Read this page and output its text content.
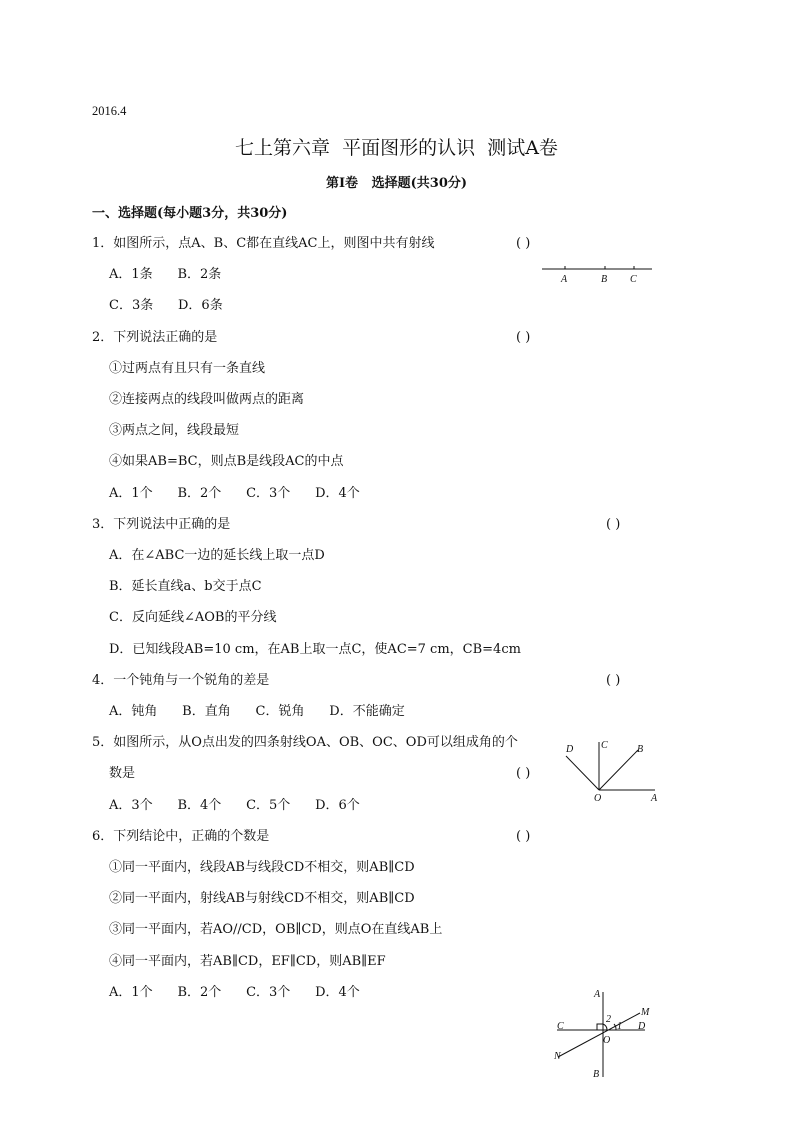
2016.4
七上第六章  平面图形的认识  测试A卷
第Ⅰ卷   选择题(共30分)
一、选择题(每小题3分，共30分)
1．如图所示，点A、B、C都在直线AC上，则图中共有射线	( )
A．1条      B．2条
C．3条      D．6条
2．下列说法正确的是	( )
①过两点有且只有一条直线
②连接两点的线段叫做两点的距离
③两点之间，线段最短
④如果AB=BC，则点B是线段AC的中点
A．1个      B．2个      C．3个      D．4个
3．下列说法中正确的是	( )
A．在∠ABC一边的延长线上取一点D
B．延长直线a、b交于点C
C．反向延线∠AOB的平分线
D．已知线段AB=10 cm，在AB上取一点C，使AC=7 cm，CB=4cm
4．一个钝角与一个锐角的差是	( )
A．钝角      B．直角      C．锐角      D．不能确定
5．如图所示，从O点出发的四条射线OA、OB、OC、OD可以组成角的个
数是	( )
A．3个      B．4个      C．5个      D．6个
6．下列结论中，正确的个数是	( )
①同一平面内，线段AB与线段CD不相交，则AB∥CD
②同一平面内，射线AB与射线CD不相交，则AB∥CD
③同一平面内，若AO//CD，OB∥CD，则点O在直线AB上
④同一平面内，若AB∥CD，EF∥CD，则AB∥EF
A．1个      B．2个      C．3个      D．4个
A	B C
D	C	B
O	A
A
M
2
C	1 D
O
N
B
